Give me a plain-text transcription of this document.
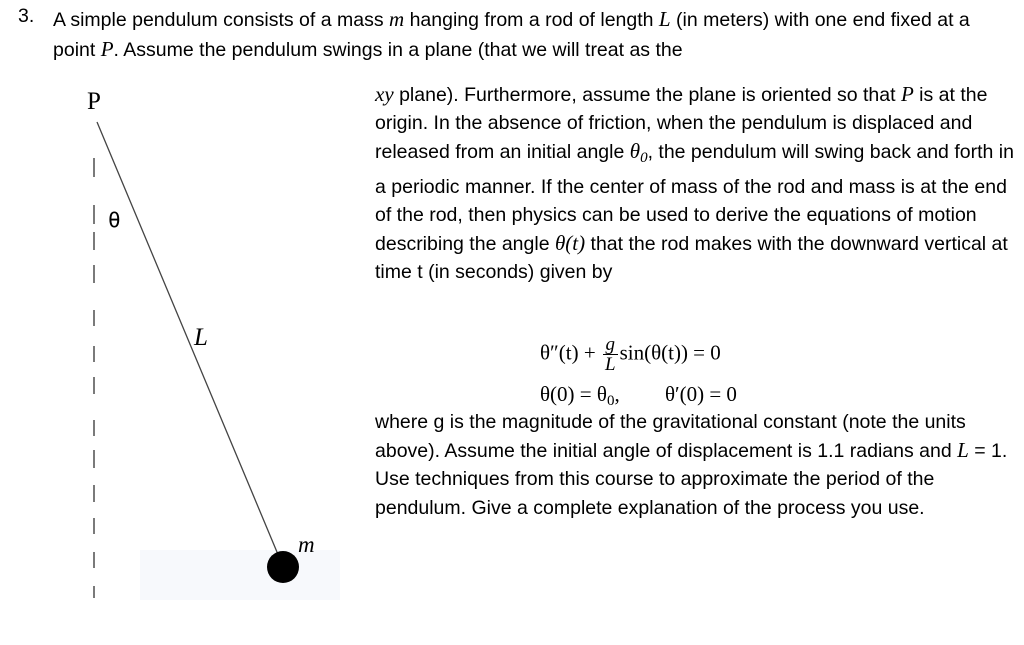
3. A simple pendulum consists of a mass m hanging from a rod of length L (in meters) with one end fixed at a point P. Assume the pendulum swings in a plane (that we will treat as the

P
θ
L
m

xy plane). Furthermore, assume the plane is oriented so that P is at the origin. In the absence of friction, when the pendulum is displaced and released from an initial angle $\theta_0$, the pendulum will swing back and forth in a periodic manner. If the center of mass of the rod and mass is at the end of the rod, then physics can be used to derive the equations of motion describing the angle θ(t) that the rod makes with the downward vertical at time t (in seconds) given by

$\theta''(t) + \frac{g}{L} \sin(\theta(t)) = 0$
$\theta(0) = \theta_0$, θ′(0) = 0

where g is the magnitude of the gravitational constant (note the units above). Assume the initial angle of displacement is 1.1 radians and L = 1. Use techniques from this course to approximate the period of the pendulum. Give a complete explanation of the process you use.
